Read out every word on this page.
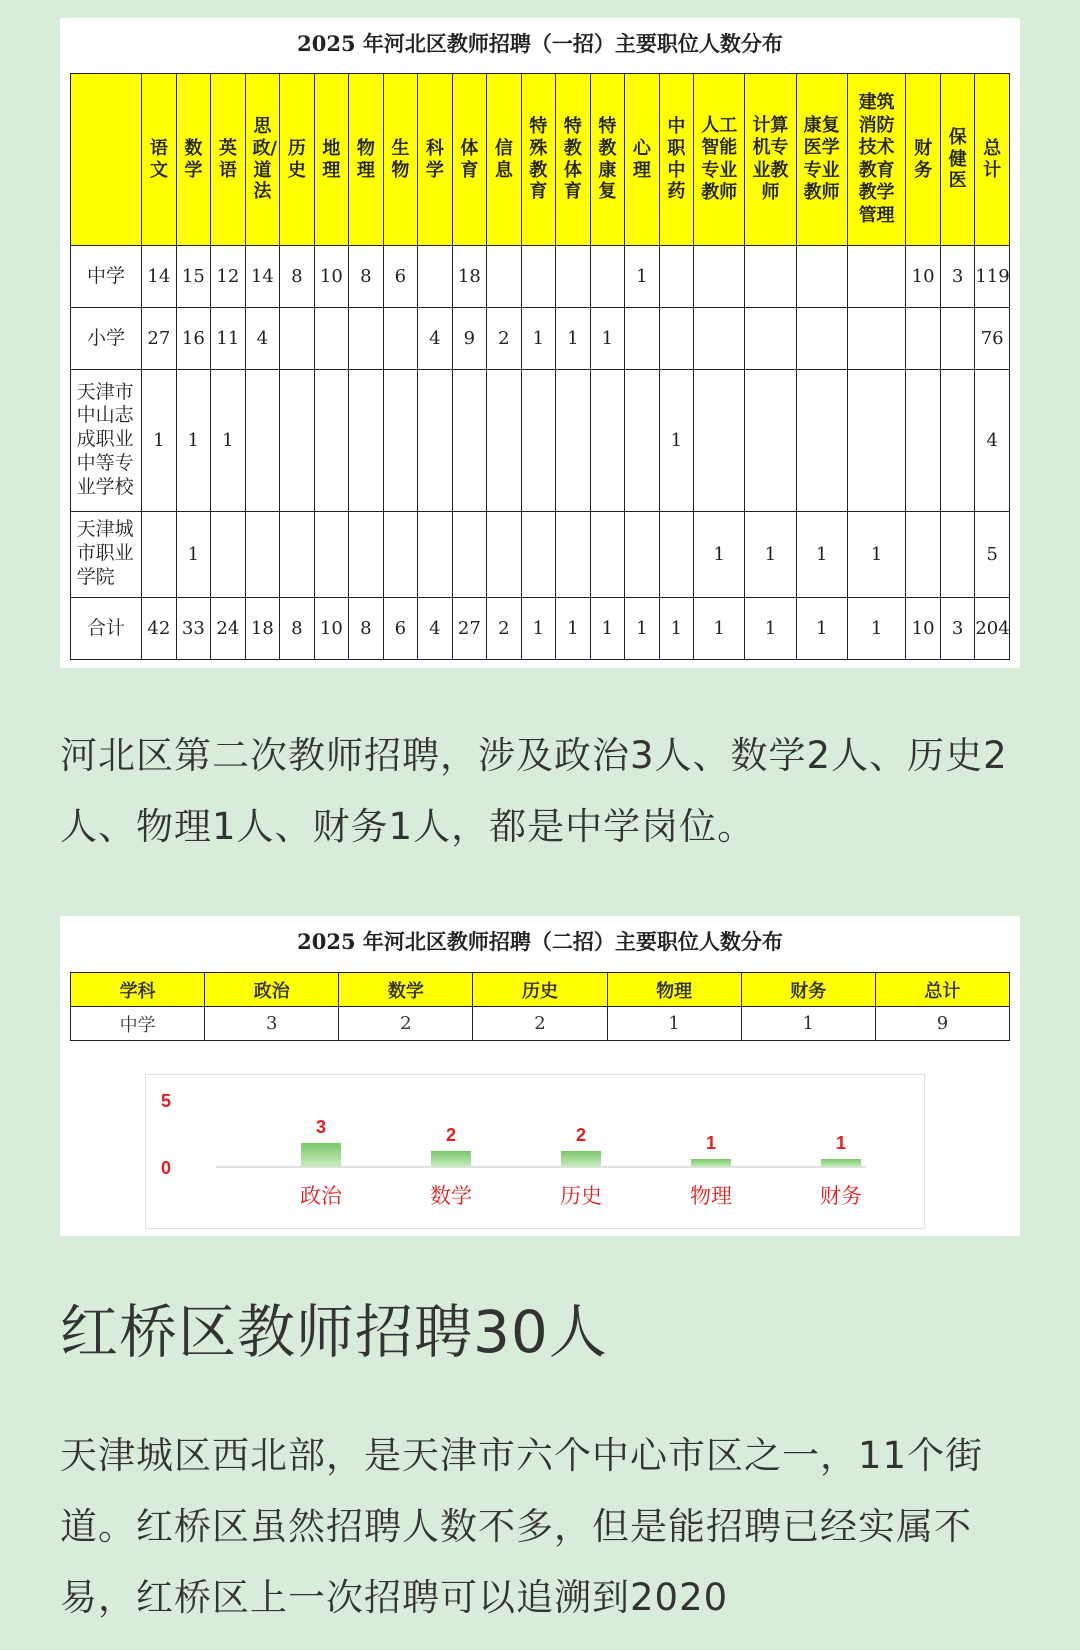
2025 年河北区教师招聘（一招）主要职位人数分布
	语文	数学	英语	思政/道法	历史	地理	物理	生物	科学	体育	信息	特殊教育	特教体育	特教康复	心理	中职中药	人工智能专业教师	计算机专业教师	康复医学专业教师	建筑消防技术教育教学管理	财务	保健医	总计
中学	14	15	12	14	8	10	8	6		18					1						10	3	119
小学	27	16	11	4					4	9	2	1	1	1									76
天津市中山志成职业中等专业学校	1	1	1													1							4
天津城市职业学院		1															1	1	1	1			5
合计	42	33	24	18	8	10	8	6	4	27	2	1	1	1	1	1	1	1	1	1	10	3	204
河北区第二次教师招聘，涉及政治3人、数学2人、历史2人、物理1人、财务1人，都是中学岗位。
2025 年河北区教师招聘（二招）主要职位人数分布
学科	政治	数学	历史	物理	财务	总计
中学	3	2	2	1	1	9
5
0
3
政治
2
数学
2
历史
1
物理
1
财务
红桥区教师招聘30人
天津城区西北部，是天津市六个中心市区之一，11个街道。红桥区虽然招聘人数不多，但是能招聘已经实属不易，红桥区上一次招聘可以追溯到2020
